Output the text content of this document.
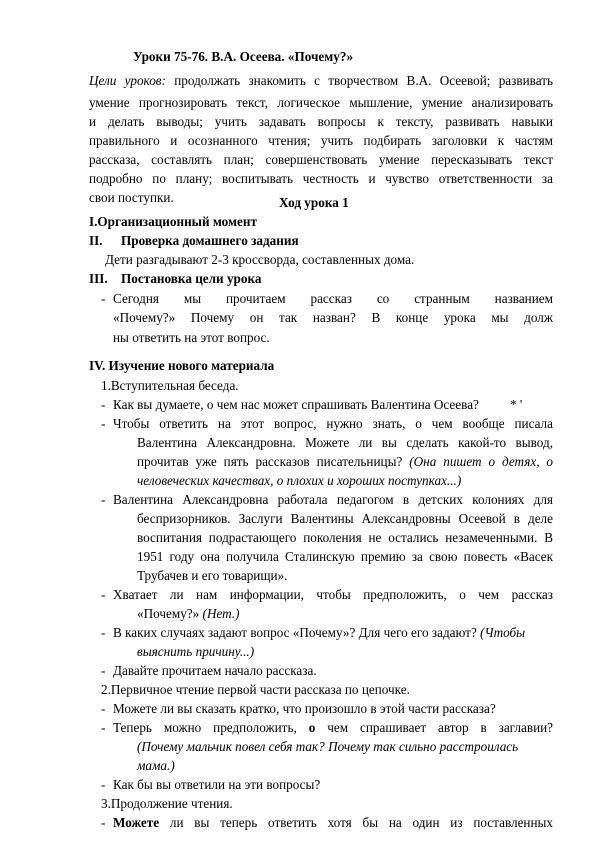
Уроки 75-76. В.А. Осеева. «Почему?»
Цели уроков: продолжать знакомить с творчеством В.А. Осеевой; развивать
умение прогнозировать текст, логическое мышление, умение анализировать
и делать выводы; учить задавать вопросы к тексту, развивать навыки
правильного и осознанного чтения; учить подбирать заголовки к частям
рассказа, составлять план; совершенствовать умение пересказывать текст
подробно по плану; воспитывать честность и чувство ответственности за
свои поступки.	Ход урока 1
I.Организационный момент
II. Проверка домашнего задания
Дети разгадывают 2-3 кроссворда, составленных дома.
III. Постановка цели урока
- Сегодня мы прочитаем рассказ со странным названием
«Почему?» Почему он так назван? В конце урока мы долж
ны ответить на этот вопрос.
IV. Изучение нового материала
1.Вступительная беседа.
- Как вы думаете, о чем нас может спрашивать Валентина Осеева? * '
- Чтобы ответить на этот вопрос, нужно знать, о чем вообще писала
Валентина Александровна. Можете ли вы сделать какой-то вывод,
прочитав уже пять рассказов писательницы? (Она пишет о детях, о
человеческих качествах, о плохих и хороших поступках...)
- Валентина Александровна работала педагогом в детских колониях для
беспризорников. Заслуги Валентины Александровны Осеевой в деле
воспитания подрастающего поколения не остались незамеченными. В
1951 году она получила Сталинскую премию за свою повесть «Васек
Трубачев и его товарищи».
- Хватает ли нам информации, чтобы предположить, о чем рассказ
«Почему?» (Нет.)
- В каких случаях задают вопрос «Почему»? Для чего его задают? (Чтобы
выяснить причину...)
- Давайте прочитаем начало рассказа.
2.Первичное чтение первой части рассказа по цепочке.
- Можете ли вы сказать кратко, что произошло в этой части рассказа?
- Теперь можно предположить, о чем спрашивает автор в заглавии?
(Почему мальчик повел себя так? Почему так сильно расстроилась
мама.)
- Как бы вы ответили на эти вопросы?
3.Продолжение чтения.
- Можете ли вы теперь ответить хотя бы на один из поставленных
